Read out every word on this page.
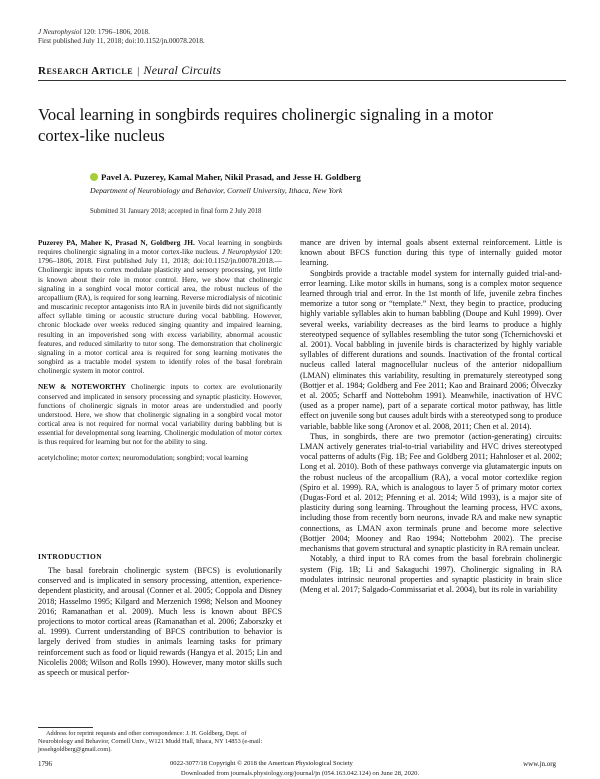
J Neurophysiol 120: 1796–1806, 2018.
First published July 11, 2018; doi:10.1152/jn.00078.2018.
Research Article | Neural Circuits
Vocal learning in songbirds requires cholinergic signaling in a motor cortex-like nucleus
Pavel A. Puzerey, Kamal Maher, Nikil Prasad, and Jesse H. Goldberg
Department of Neurobiology and Behavior, Cornell University, Ithaca, New York
Submitted 31 January 2018; accepted in final form 2 July 2018

Puzerey PA, Maher K, Prasad N, Goldberg JH. Vocal learning in songbirds requires cholinergic signaling in a motor cortex-like nucleus. J Neurophysiol 120: 1796–1806, 2018. First published July 11, 2018; doi:10.1152/jn.00078.2018.—Cholinergic inputs to cortex modulate plasticity and sensory processing, yet little is known about their role in motor control. Here, we show that cholinergic signaling in a songbird vocal motor cortical area, the robust nucleus of the arcopallium (RA), is required for song learning. Reverse microdialysis of nicotinic and muscarinic receptor antagonists into RA in juvenile birds did not significantly affect syllable timing or acoustic structure during vocal babbling. However, chronic blockade over weeks reduced singing quantity and impaired learning, resulting in an impoverished song with excess variability, abnormal acoustic features, and reduced similarity to tutor song. The demonstration that cholinergic signaling in a motor cortical area is required for song learning motivates the songbird as a tractable model system to identify roles of the basal forebrain cholinergic system in motor control.

NEW & NOTEWORTHY Cholinergic inputs to cortex are evolutionarily conserved and implicated in sensory processing and synaptic plasticity. However, functions of cholinergic signals in motor areas are understudied and poorly understood. Here, we show that cholinergic signaling in a songbird vocal motor cortical area is not required for normal vocal variability during babbling but is essential for developmental song learning. Cholinergic modulation of motor cortex is thus required for learning but not for the ability to sing.

acetylcholine; motor cortex; neuromodulation; songbird; vocal learning

INTRODUCTION

The basal forebrain cholinergic system (BFCS) is evolutionarily conserved and is implicated in sensory processing, attention, experience-dependent plasticity, and arousal (Conner et al. 2005; Coppola and Disney 2018; Hasselmo 1995; Kilgard and Merzenich 1998; Nelson and Mooney 2016; Ramanathan et al. 2009). Much less is known about BFCS projections to motor cortical areas (Ramanathan et al. 2006; Zaborszky et al. 1999). Current understanding of BFCS contribution to behavior is largely derived from studies in animals learning tasks for primary reinforcement such as food or liquid rewards (Hangya et al. 2015; Lin and Nicolelis 2008; Wilson and Rolls 1990). However, many motor skills such as speech or musical perfor-

mance are driven by internal goals absent external reinforcement. Little is known about BFCS function during this type of internally guided motor learning.

Songbirds provide a tractable model system for internally guided trial-and-error learning. Like motor skills in humans, song is a complex motor sequence learned through trial and error. In the 1st month of life, juvenile zebra finches memorize a tutor song or “template.” Next, they begin to practice, producing highly variable syllables akin to human babbling (Doupe and Kuhl 1999). Over several weeks, variability decreases as the bird learns to produce a highly stereotyped sequence of syllables resembling the tutor song (Tchernichovski et al. 2001). Vocal babbling in juvenile birds is characterized by highly variable syllables of different durations and sounds. Inactivation of the frontal cortical nucleus called lateral magnocellular nucleus of the anterior nidopallium (LMAN) eliminates this variability, resulting in prematurely stereotyped song (Bottjer et al. 1984; Goldberg and Fee 2011; Kao and Brainard 2006; Ölveczky et al. 2005; Scharff and Nottebohm 1991). Meanwhile, inactivation of HVC (used as a proper name), part of a separate cortical motor pathway, has little effect on juvenile song but causes adult birds with a stereotyped song to produce variable, babble like song (Aronov et al. 2008, 2011; Chen et al. 2014).

Thus, in songbirds, there are two premotor (action-generating) circuits: LMAN actively generates trial-to-trial variability and HVC drives stereotyped vocal patterns of adults (Fig. 1B; Fee and Goldberg 2011; Hahnloser et al. 2002; Long et al. 2010). Both of these pathways converge via glutamatergic inputs on the robust nucleus of the arcopallium (RA), a vocal motor cortexlike region (Spiro et al. 1999). RA, which is analogous to layer 5 of primary motor cortex (Dugas-Ford et al. 2012; Pfenning et al. 2014; Wild 1993), is a major site of plasticity during song learning. Throughout the learning process, HVC axons, including those from recently born neurons, invade RA and make new synaptic connections, as LMAN axon terminals prune and become more selective (Bottjer 2004; Mooney and Rao 1994; Nottebohm 2002). The precise mechanisms that govern structural and synaptic plasticity in RA remain unclear.

Notably, a third input to RA comes from the basal forebrain cholinergic system (Fig. 1B; Li and Sakaguchi 1997). Cholinergic signaling in RA modulates intrinsic neuronal properties and synaptic plasticity in brain slice (Meng et al. 2017; Salgado-Commissariat et al. 2004), but its role in variability

Address for reprint requests and other correspondence: J. H. Goldberg, Dept. of Neurobiology and Behavior, Cornell Univ., W121 Mudd Hall, Ithaca, NY 14853 (e-mail: jessehgoldberg@gmail.com).
1796	0022-3077/18 Copyright © 2018 the American Physiological Society	www.jn.org
Downloaded from journals.physiology.org/journal/jn (054.163.042.124) on June 28, 2020.
